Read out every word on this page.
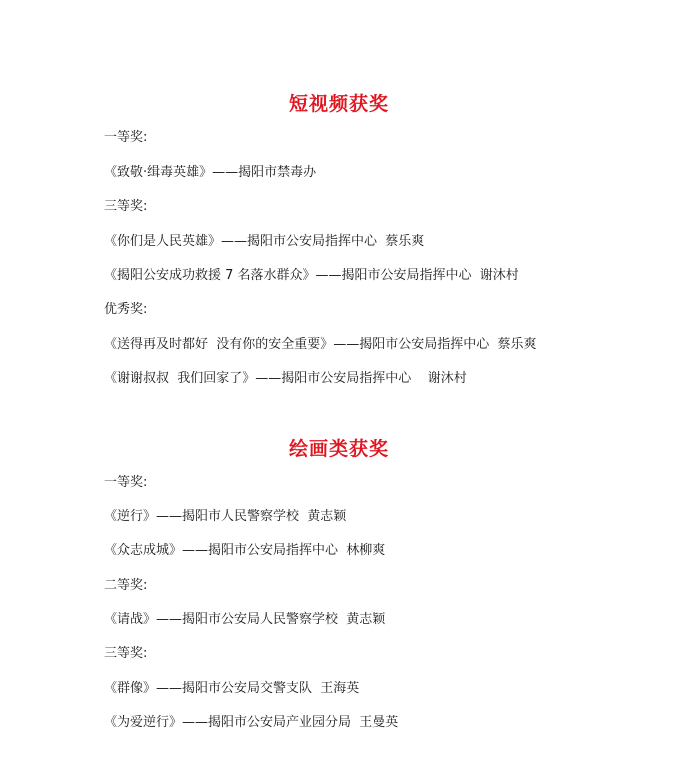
短视频获奖

一等奖:

《致敬·缉毒英雄》——揭阳市禁毒办

三等奖:

《你们是人民英雄》——揭阳市公安局指挥中心  蔡乐爽

《揭阳公安成功救援 7 名落水群众》——揭阳市公安局指挥中心  谢沐村

优秀奖:

《送得再及时都好  没有你的安全重要》——揭阳市公安局指挥中心  蔡乐爽

《谢谢叔叔  我们回家了》——揭阳市公安局指挥中心    谢沐村

绘画类获奖

一等奖:

《逆行》——揭阳市人民警察学校  黄志颖

《众志成城》——揭阳市公安局指挥中心  林柳爽

二等奖:

《请战》——揭阳市公安局人民警察学校  黄志颖

三等奖:

《群像》——揭阳市公安局交警支队  王海英

《为爱逆行》——揭阳市公安局产业园分局  王曼英
